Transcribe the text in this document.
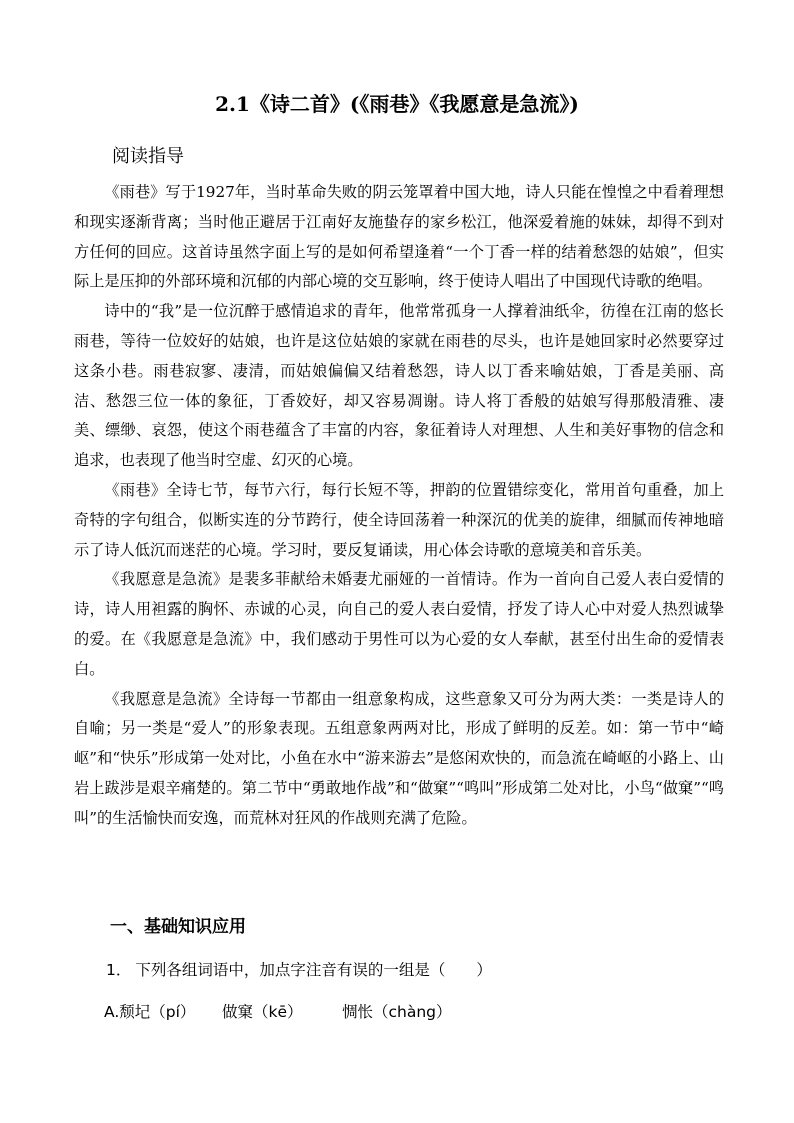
2.1《诗二首》(《雨巷》《我愿意是急流》)
阅读指导

《雨巷》写于1927年，当时革命失败的阴云笼罩着中国大地，诗人只能在惶惶之中看着理想和现实逐渐背离；当时他正避居于江南好友施蛰存的家乡松江，他深爱着施的妹妹，却得不到对方任何的回应。这首诗虽然字面上写的是如何希望逢着“一个丁香一样的结着愁怨的姑娘”，但实际上是压抑的外部环境和沉郁的内部心境的交互影响，终于使诗人唱出了中国现代诗歌的绝唱。

诗中的“我”是一位沉醉于感情追求的青年，他常常孤身一人撑着油纸伞，彷徨在江南的悠长雨巷，等待一位姣好的姑娘，也许是这位姑娘的家就在雨巷的尽头，也许是她回家时必然要穿过这条小巷。雨巷寂寥、凄清，而姑娘偏偏又结着愁怨，诗人以丁香来喻姑娘，丁香是美丽、高洁、愁怨三位一体的象征，丁香姣好，却又容易凋谢。诗人将丁香般的姑娘写得那般清雅、凄美、缥缈、哀怨，使这个雨巷蕴含了丰富的内容，象征着诗人对理想、人生和美好事物的信念和追求，也表现了他当时空虚、幻灭的心境。

《雨巷》全诗七节，每节六行，每行长短不等，押韵的位置错综变化，常用首句重叠，加上奇特的字句组合，似断实连的分节跨行，使全诗回荡着一种深沉的优美的旋律，细腻而传神地暗示了诗人低沉而迷茫的心境。学习时，要反复诵读，用心体会诗歌的意境美和音乐美。

《我愿意是急流》是裴多菲献给未婚妻尤丽娅的一首情诗。作为一首向自己爱人表白爱情的诗，诗人用袒露的胸怀、赤诚的心灵，向自己的爱人表白爱情，抒发了诗人心中对爱人热烈诚挚的爱。在《我愿意是急流》中，我们感动于男性可以为心爱的女人奉献，甚至付出生命的爱情表白。

《我愿意是急流》全诗每一节都由一组意象构成，这些意象又可分为两大类：一类是诗人的自喻；另一类是“爱人”的形象表现。五组意象两两对比，形成了鲜明的反差。如：第一节中“崎岖”和“快乐”形成第一处对比，小鱼在水中“游来游去”是悠闲欢快的，而急流在崎岖的小路上、山岩上跋涉是艰辛痛楚的。第二节中“勇敢地作战”和“做窠”“鸣叫”形成第二处对比，小鸟“做窠”“鸣叫”的生活愉快而安逸，而荒林对狂风的作战则充满了危险。

一、基础知识应用
1． 下列各组词语中，加点字注音有误的一组是（　　）
A.颓圮（pí） 做窠（kē）	惆怅（chàng）
